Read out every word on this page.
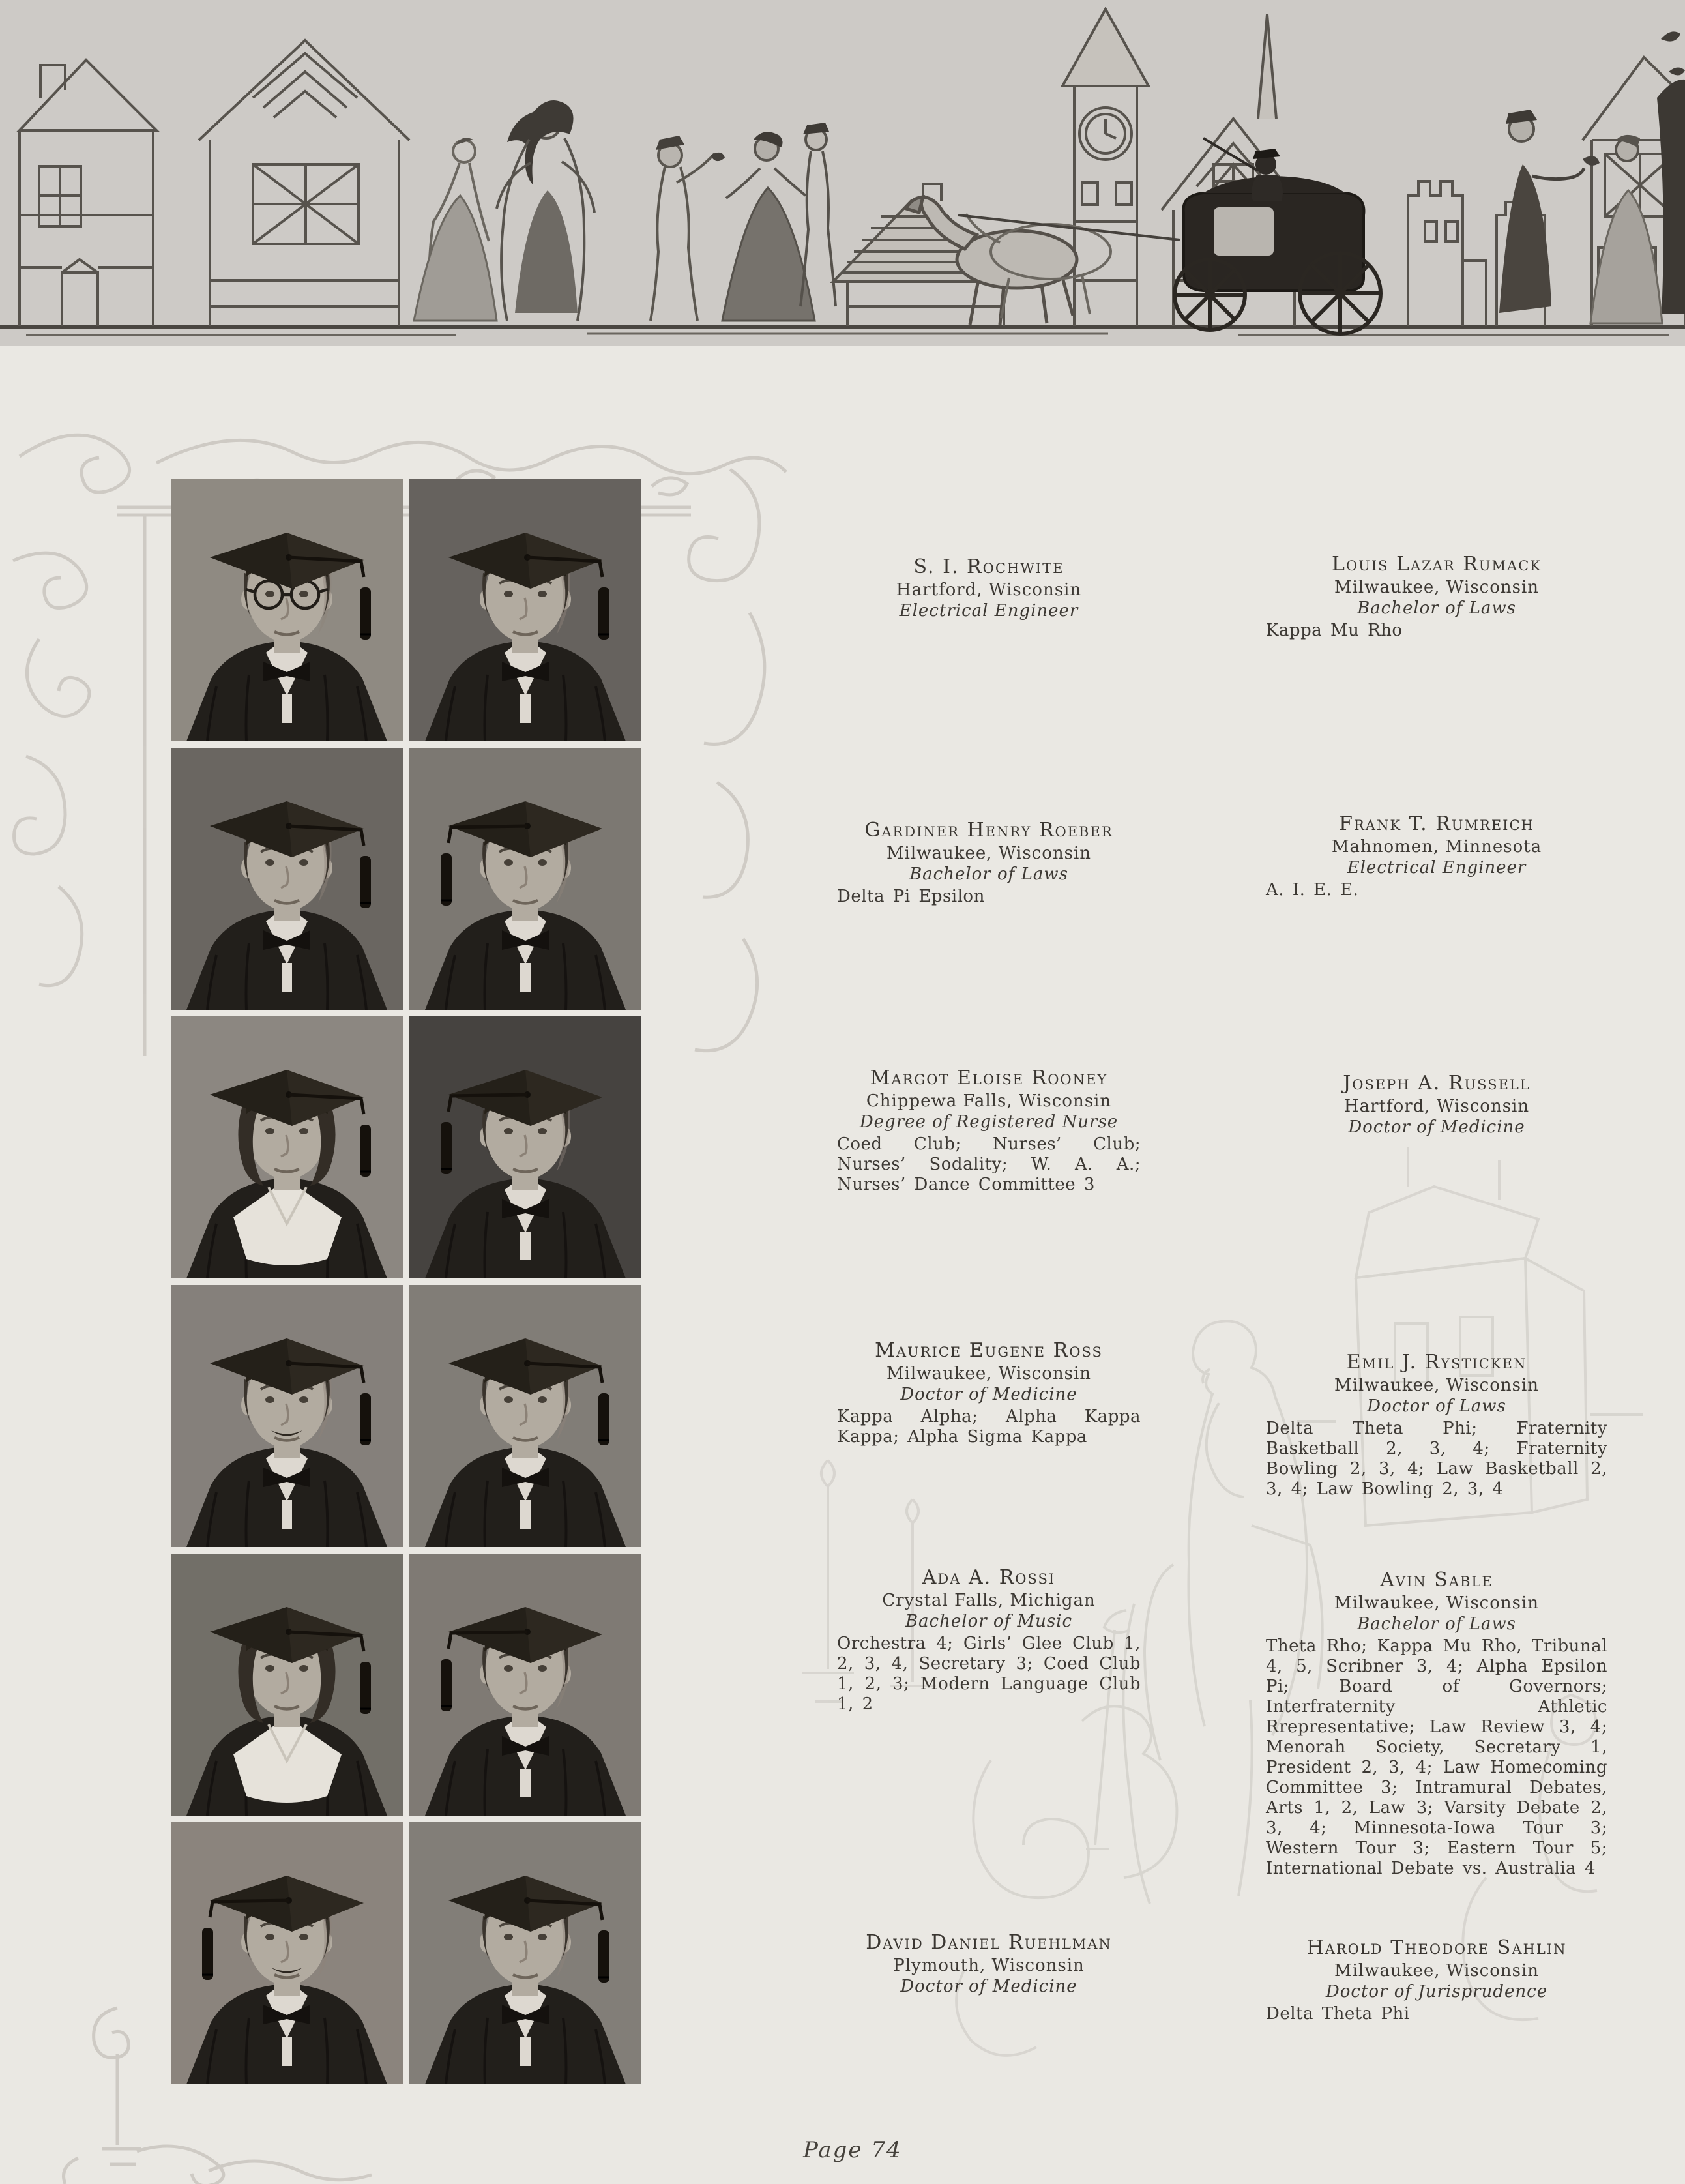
S. I. Rochwite

Hartford, Wisconsin

Electrical Engineer

Louis Lazar Rumack

Milwaukee, Wisconsin

Bachelor of Laws

Kappa Mu Rho

Gardiner Henry Roeber

Milwaukee, Wisconsin

Bachelor of Laws

Delta Pi Epsilon

Frank T. Rumreich

Mahnomen, Minnesota

Electrical Engineer

A. I. E. E.

Margot Eloise Rooney

Chippewa Falls, Wisconsin

Degree of Registered Nurse

Coed Club; Nurses’ Club; Nurses’ Sodality; W. A. A.; Nurses’ Dance Committee 3

Joseph A. Russell

Hartford, Wisconsin

Doctor of Medicine

Maurice Eugene Ross

Milwaukee, Wisconsin

Doctor of Medicine

Kappa Alpha; Alpha Kappa Kappa; Alpha Sigma Kappa

Emil J. Rysticken

Milwaukee, Wisconsin

Doctor of Laws

Delta Theta Phi; Fraternity Basketball 2, 3, 4; Fraternity Bowling 2, 3, 4; Law Basketball 2, 3, 4; Law Bowling 2, 3, 4

Ada A. Rossi

Crystal Falls, Michigan

Bachelor of Music

Orchestra 4; Girls’ Glee Club 1, 2, 3, 4, Secretary 3; Coed Club 1, 2, 3; Modern Language Club 1, 2

Avin Sable

Milwaukee, Wisconsin

Bachelor of Laws

Theta Rho; Kappa Mu Rho, Tribunal 4, 5, Scribner 3, 4; Alpha Epsilon Pi; Board of Governors; Interfraternity Athletic Rrepresentative; Law Review 3, 4; Menorah Society, Secretary 1, President 2, 3, 4; Law Homecoming Committee 3; Intramural Debates, Arts 1, 2, Law 3; Varsity Debate 2, 3, 4; Minnesota-Iowa Tour 3; Western Tour 3; Eastern Tour 5; International Debate vs. Australia 4

David Daniel Ruehlman

Plymouth, Wisconsin

Doctor of Medicine

Harold Theodore Sahlin

Milwaukee, Wisconsin

Doctor of Jurisprudence

Delta Theta Phi

Page 74
